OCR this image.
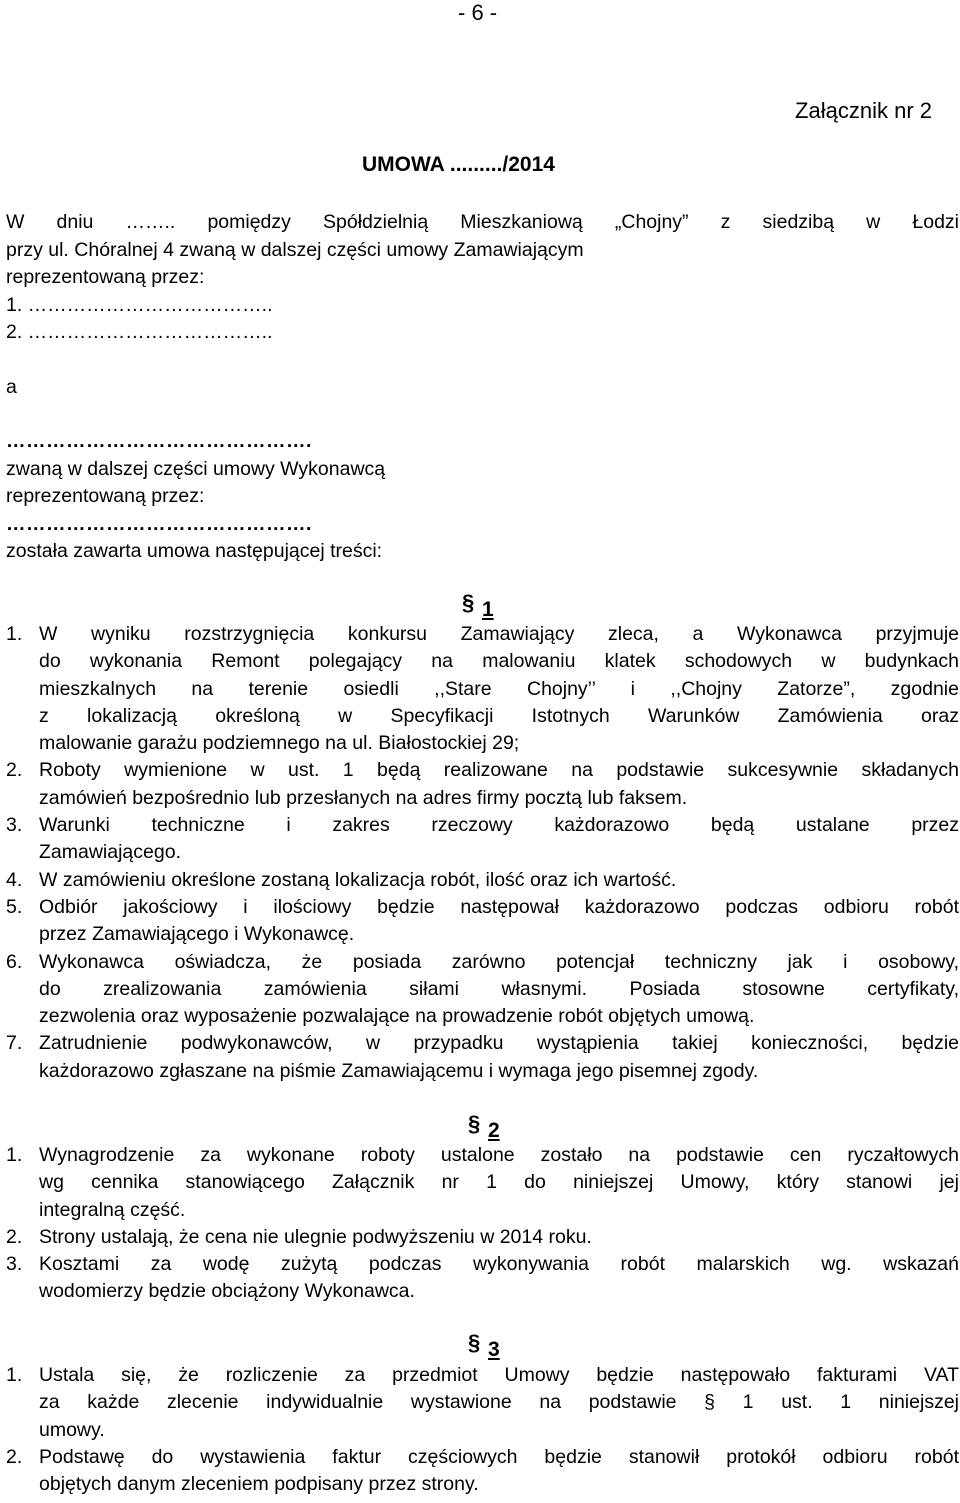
- 6 -
Załącznik nr 2
UMOWA ........./2014
W dniu …….. pomiędzy Spółdzielnią Mieszkaniową „Chojny” z siedzibą w Łodzi
przy ul. Chóralnej 4 zwaną w dalszej części umowy Zamawiającym
reprezentowaną przez:
1. ………………………………..
2. ………………………………..
a
……………………………………….
zwaną w dalszej części umowy Wykonawcą
reprezentowaną przez:
……………………………………….
została zawarta umowa następującej treści:
§ 1
1. W wyniku rozstrzygnięcia konkursu Zamawiający zleca, a Wykonawca przyjmuje
do wykonania Remont polegający na malowaniu klatek schodowych w budynkach
mieszkalnych na terenie osiedli ,,Stare Chojny’’ i ,,Chojny Zatorze”, zgodnie
z lokalizacją określoną w Specyfikacji Istotnych Warunków Zamówienia oraz
malowanie garażu podziemnego na ul. Białostockiej 29;
2. Roboty wymienione w ust. 1 będą realizowane na podstawie sukcesywnie składanych
zamówień bezpośrednio lub przesłanych na adres firmy pocztą lub faksem.
3. Warunki techniczne i zakres rzeczowy każdorazowo będą ustalane przez
Zamawiającego.
4. W zamówieniu określone zostaną lokalizacja robót, ilość oraz ich wartość.
5. Odbiór jakościowy i ilościowy będzie następował każdorazowo podczas odbioru robót
przez Zamawiającego i Wykonawcę.
6. Wykonawca oświadcza, że posiada zarówno potencjał techniczny jak i osobowy,
do zrealizowania zamówienia siłami własnymi. Posiada stosowne certyfikaty,
zezwolenia oraz wyposażenie pozwalające na prowadzenie robót objętych umową.
7. Zatrudnienie podwykonawców, w przypadku wystąpienia takiej konieczności, będzie
każdorazowo zgłaszane na piśmie Zamawiającemu i wymaga jego pisemnej zgody.
§ 2
1. Wynagrodzenie za wykonane roboty ustalone zostało na podstawie cen ryczałtowych
wg cennika stanowiącego Załącznik nr 1 do niniejszej Umowy, który stanowi jej
integralną część.
2. Strony ustalają, że cena nie ulegnie podwyższeniu w 2014 roku.
3. Kosztami za wodę zużytą podczas wykonywania robót malarskich wg. wskazań
wodomierzy będzie obciążony Wykonawca.
§ 3
1. Ustala się, że rozliczenie za przedmiot Umowy będzie następowało fakturami VAT
za każde zlecenie indywidualnie wystawione na podstawie § 1 ust. 1 niniejszej
umowy.
2. Podstawę do wystawienia faktur częściowych będzie stanowił protokół odbioru robót
objętych danym zleceniem podpisany przez strony.
